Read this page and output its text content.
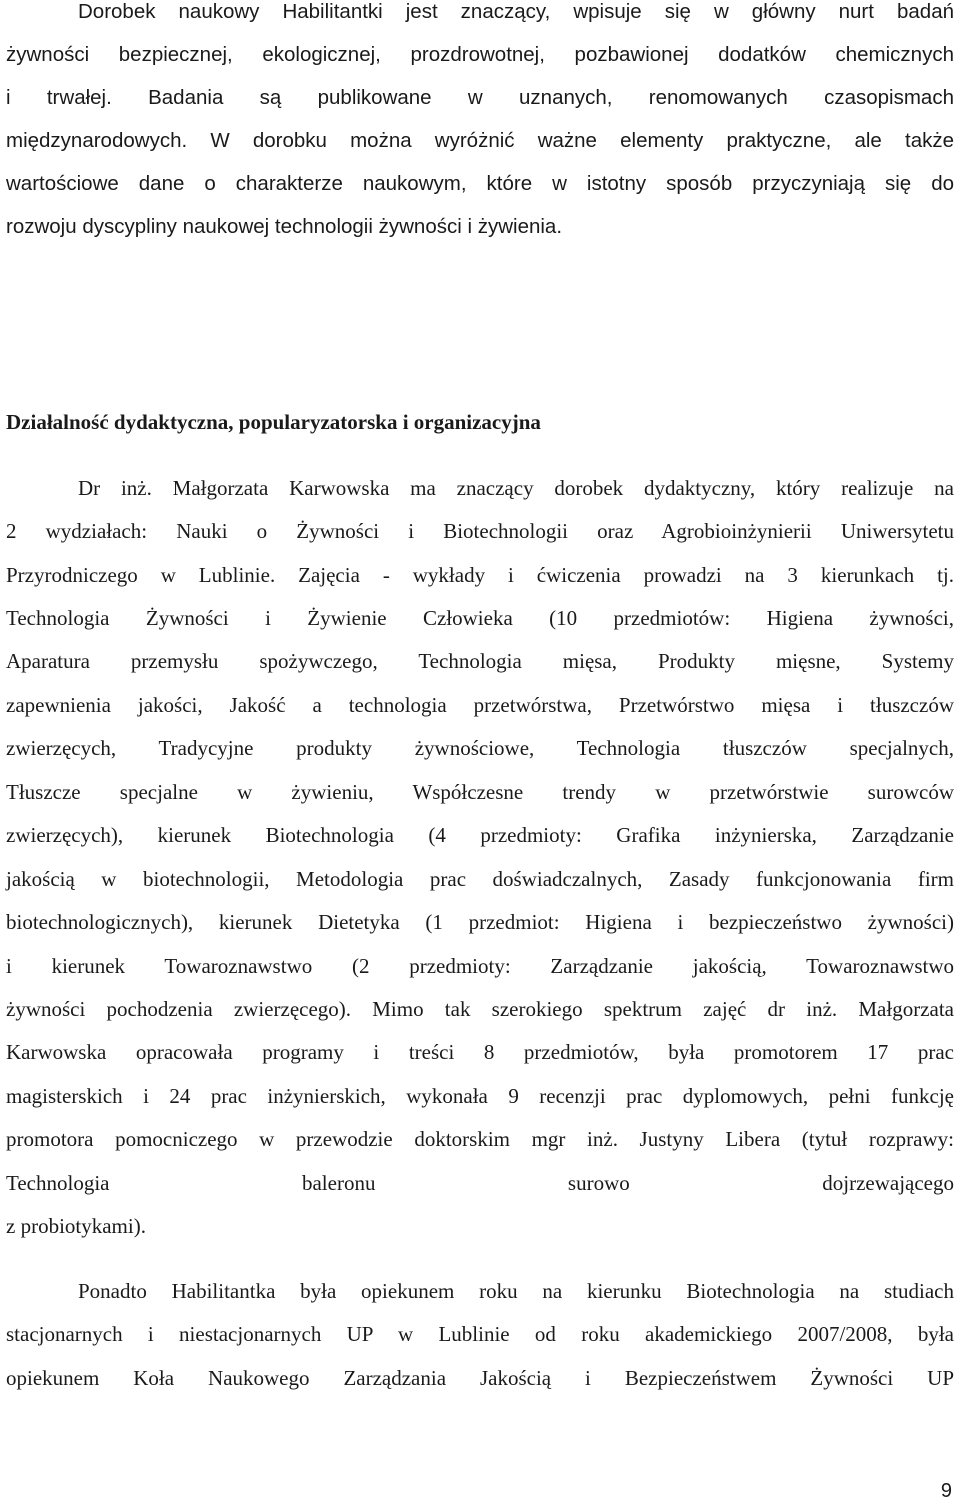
Dorobek naukowy Habilitantki jest znaczący, wpisuje się w główny nurt badań
żywności bezpiecznej, ekologicznej, prozdrowotnej, pozbawionej dodatków chemicznych
i trwałej. Badania są publikowane w uznanych, renomowanych czasopismach
międzynarodowych. W dorobku można wyróżnić ważne elementy praktyczne, ale także
wartościowe dane o charakterze naukowym, które w istotny sposób przyczyniają się do
rozwoju dyscypliny naukowej technologii żywności i żywienia.
Działalność dydaktyczna, popularyzatorska i organizacyjna
Dr inż. Małgorzata Karwowska ma znaczący dorobek dydaktyczny, który realizuje na
2 wydziałach: Nauki o Żywności i Biotechnologii oraz Agrobioinżynierii Uniwersytetu
Przyrodniczego w Lublinie. Zajęcia - wykłady i ćwiczenia prowadzi na 3 kierunkach tj.
Technologia Żywności i Żywienie Człowieka (10 przedmiotów: Higiena żywności,
Aparatura przemysłu spożywczego, Technologia mięsa, Produkty mięsne, Systemy
zapewnienia jakości, Jakość a technologia przetwórstwa, Przetwórstwo mięsa i tłuszczów
zwierzęcych, Tradycyjne produkty żywnościowe, Technologia tłuszczów specjalnych,
Tłuszcze specjalne w żywieniu, Współczesne trendy w przetwórstwie surowców
zwierzęcych), kierunek Biotechnologia (4 przedmioty: Grafika inżynierska, Zarządzanie
jakością w biotechnologii, Metodologia prac doświadczalnych, Zasady funkcjonowania firm
biotechnologicznych), kierunek Dietetyka (1 przedmiot: Higiena i bezpieczeństwo żywności)
i kierunek Towaroznawstwo (2 przedmioty: Zarządzanie jakością, Towaroznawstwo
żywności pochodzenia zwierzęcego). Mimo tak szerokiego spektrum zajęć dr inż. Małgorzata
Karwowska opracowała programy i treści 8 przedmiotów, była promotorem 17 prac
magisterskich i 24 prac inżynierskich, wykonała 9 recenzji prac dyplomowych, pełni funkcję
promotora pomocniczego w przewodzie doktorskim mgr inż. Justyny Libera (tytuł rozprawy:
Technologia baleronu surowo dojrzewającego
z probiotykami).
Ponadto Habilitantka była opiekunem roku na kierunku Biotechnologia na studiach
stacjonarnych i niestacjonarnych UP w Lublinie od roku akademickiego 2007/2008, była
opiekunem Koła Naukowego Zarządzania Jakością i Bezpieczeństwem Żywności UP
9
